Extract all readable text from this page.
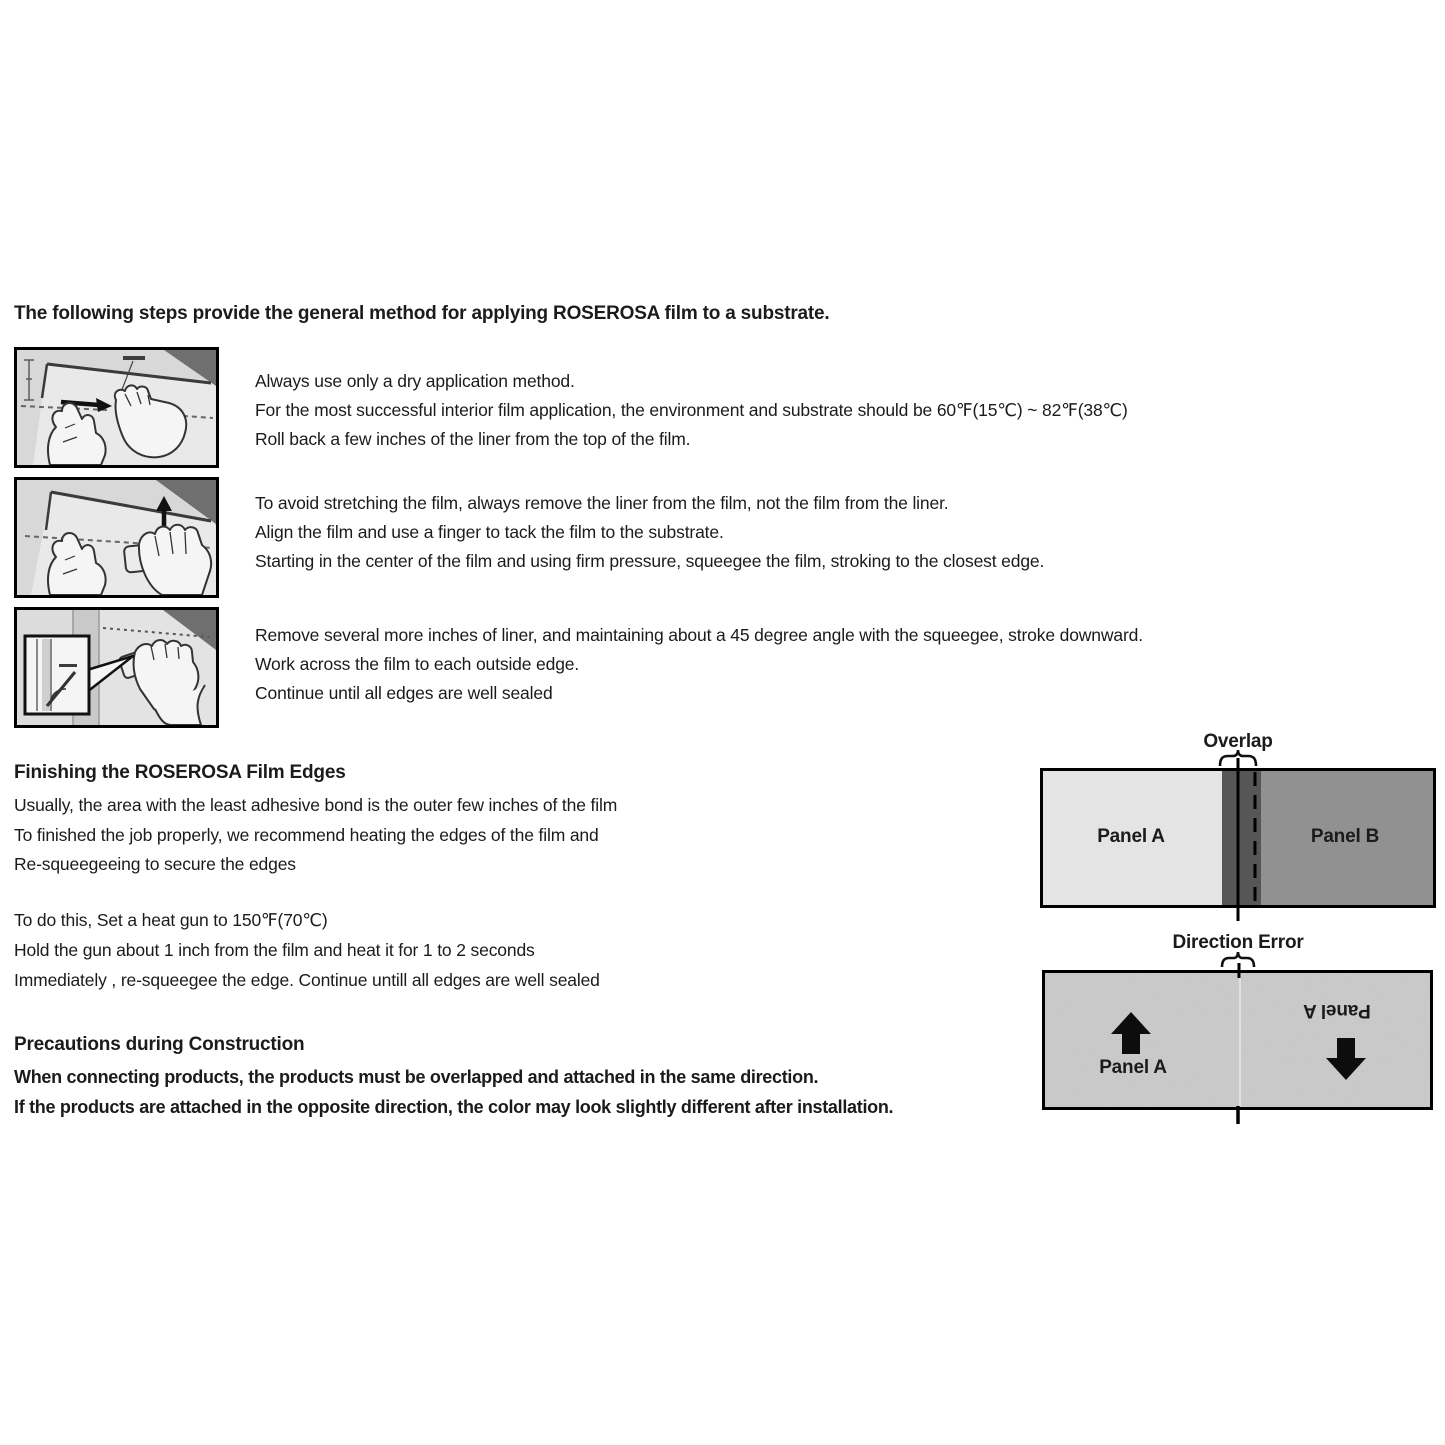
The following steps provide the general method for applying ROSEROSA film to a substrate.
Always use only a dry application method.
For the most successful interior film application, the environment and substrate should be 60℉(15℃) ~ 82℉(38℃)
Roll back a few inches of the liner from the top of the film.
To avoid stretching the film, always remove the liner from the film, not the film from the liner.
Align the film and use a finger to tack the film to the substrate.
Starting in the center of the film and using firm pressure, squeegee the film, stroking to the closest edge.
Remove several more inches of liner, and maintaining about a 45 degree angle with the squeegee, stroke downward.
Work across the film to each outside edge.
Continue until all edges are well sealed
Finishing the ROSEROSA Film Edges
Usually, the area with the least adhesive bond is the outer few inches of the film
To finished the job properly, we recommend heating the edges of the film and
Re-squeegeeing to secure the edges
To do this, Set a heat gun to 150℉(70℃)
Hold the gun about 1 inch from the film and heat it for 1 to 2 seconds
Immediately , re-squeegee the edge. Continue untill all edges are well sealed
Precautions during Construction
When connecting products, the products must be overlapped and attached in the same direction.
If the products are attached in the opposite direction, the color may look slightly different after installation.
Overlap
Panel A	Panel B
Direction Error
Panel A
Panel A
